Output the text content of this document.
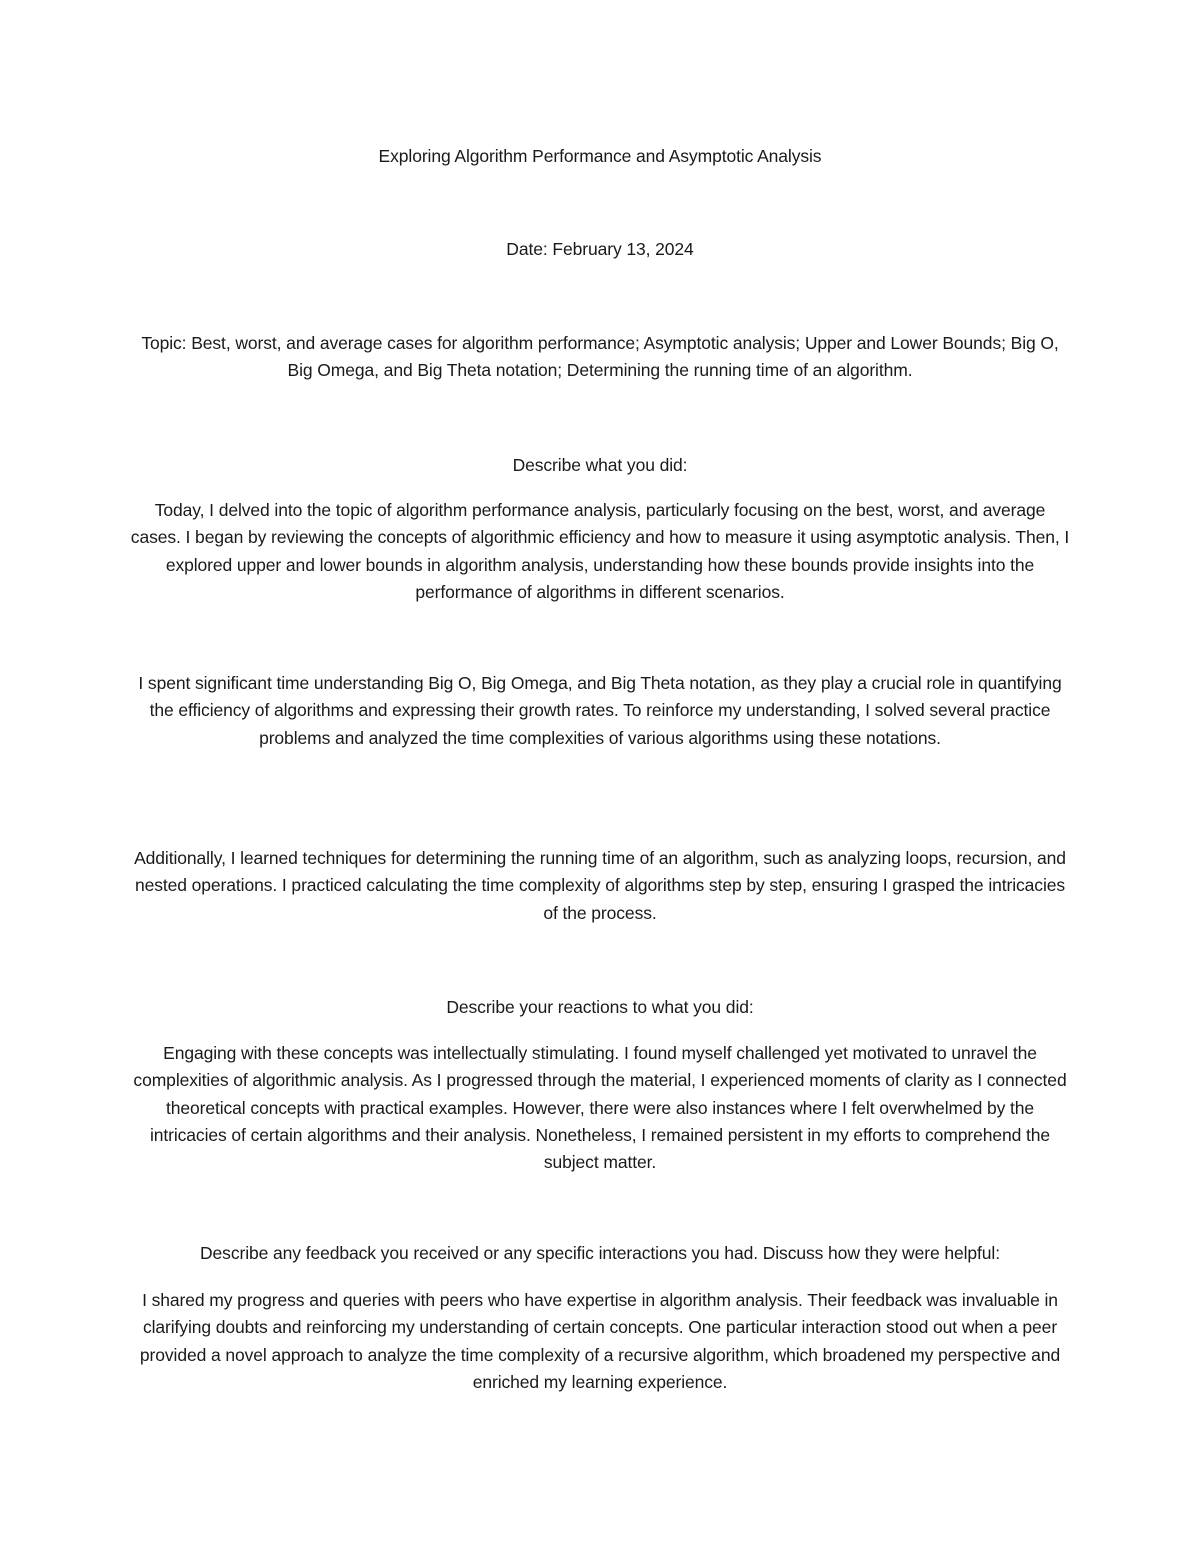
Exploring Algorithm Performance and Asymptotic Analysis

Date: February 13, 2024

Topic: Best, worst, and average cases for algorithm performance; Asymptotic analysis; Upper and Lower Bounds; Big O, Big Omega, and Big Theta notation; Determining the running time of an algorithm.

Describe what you did:

Today, I delved into the topic of algorithm performance analysis, particularly focusing on the best, worst, and average cases. I began by reviewing the concepts of algorithmic efficiency and how to measure it using asymptotic analysis. Then, I explored upper and lower bounds in algorithm analysis, understanding how these bounds provide insights into the performance of algorithms in different scenarios.

I spent significant time understanding Big O, Big Omega, and Big Theta notation, as they play a crucial role in quantifying the efficiency of algorithms and expressing their growth rates. To reinforce my understanding, I solved several practice problems and analyzed the time complexities of various algorithms using these notations.

Additionally, I learned techniques for determining the running time of an algorithm, such as analyzing loops, recursion, and nested operations. I practiced calculating the time complexity of algorithms step by step, ensuring I grasped the intricacies of the process.

Describe your reactions to what you did:

Engaging with these concepts was intellectually stimulating. I found myself challenged yet motivated to unravel the complexities of algorithmic analysis. As I progressed through the material, I experienced moments of clarity as I connected theoretical concepts with practical examples. However, there were also instances where I felt overwhelmed by the intricacies of certain algorithms and their analysis. Nonetheless, I remained persistent in my efforts to comprehend the subject matter.

Describe any feedback you received or any specific interactions you had. Discuss how they were helpful:

I shared my progress and queries with peers who have expertise in algorithm analysis. Their feedback was invaluable in clarifying doubts and reinforcing my understanding of certain concepts. One particular interaction stood out when a peer provided a novel approach to analyze the time complexity of a recursive algorithm, which broadened my perspective and enriched my learning experience.
